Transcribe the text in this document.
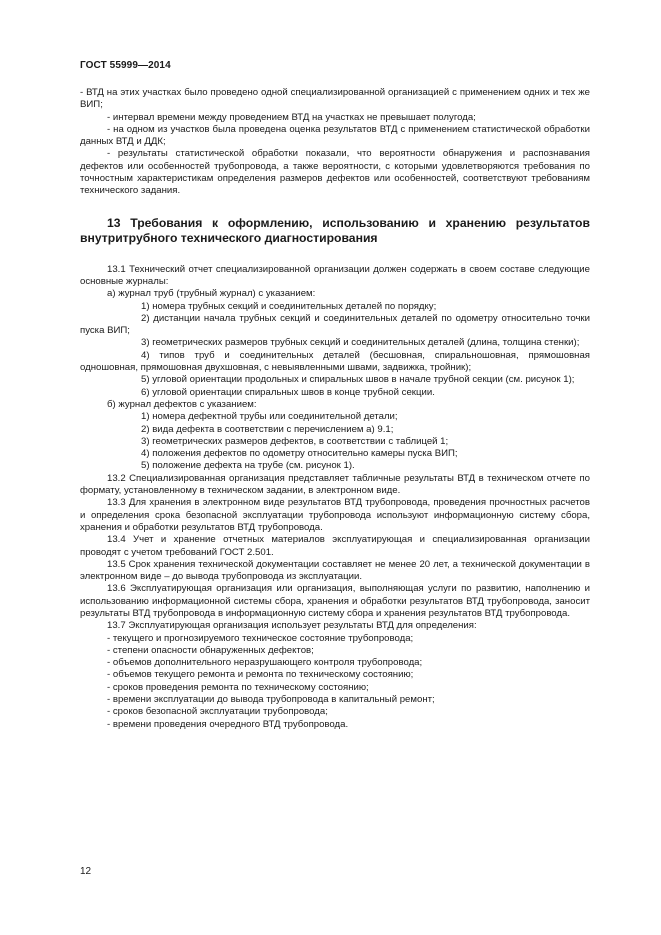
ГОСТ 55999—2014

- ВТД на этих участках было проведено одной специализированной организацией с применением одних и тех же ВИП;

- интервал времени между проведением ВТД на участках не превышает полугода;

- на одном из участков была проведена оценка результатов ВТД с применением статистической обработки данных ВТД и ДДК;

- результаты статистической обработки показали, что вероятности обнаружения и распознавания дефектов или особенностей трубопровода, а также вероятности, с которыми удовлетворяются требования по точностным характеристикам определения размеров дефектов или особенностей, соответствуют требованиям технического задания.

13 Требования к оформлению, использованию и хранению результатов внутритрубного технического диагностирования

13.1 Технический отчет специализированной организации должен содержать в своем составе следующие основные журналы:

а) журнал труб (трубный журнал) с указанием:

1) номера трубных секций и соединительных деталей по порядку;

2) дистанции начала трубных секций и соединительных деталей по одометру относительно точки пуска ВИП;

3) геометрических размеров трубных секций и соединительных деталей (длина, толщина стенки);

4) типов труб и соединительных деталей (бесшовная, спиральношовная, прямошовная одношовная, прямошовная двухшовная, с невыявленными швами, задвижка, тройник);

5) угловой ориентации продольных и спиральных швов в начале трубной секции (см. рисунок 1);

6) угловой ориентации спиральных швов в конце трубной секции.

б) журнал дефектов с указанием:

1) номера дефектной трубы или соединительной детали;

2) вида дефекта в соответствии с перечислением а) 9.1;

3) геометрических размеров дефектов, в соответствии с таблицей 1;

4) положения дефектов по одометру относительно камеры пуска ВИП;

5) положение дефекта на трубе (см. рисунок 1).

13.2 Специализированная организация представляет табличные результаты ВТД в техническом отчете по формату, установленному в техническом задании, в электронном виде.

13.3 Для хранения в электронном виде результатов ВТД трубопровода, проведения прочностных расчетов и определения срока безопасной эксплуатации трубопровода используют информационную систему сбора, хранения и обработки результатов ВТД трубопровода.

13.4 Учет и хранение отчетных материалов эксплуатирующая и специализированная организации проводят с учетом требований ГОСТ 2.501.

13.5 Срок хранения технической документации составляет не менее 20 лет, а технической документации в электронном виде – до вывода трубопровода из эксплуатации.

13.6 Эксплуатирующая организация или организация, выполняющая услуги по развитию, наполнению и использованию информационной системы сбора, хранения и обработки результатов ВТД трубопровода, заносит результаты ВТД трубопровода в информационную систему сбора и хранения результатов ВТД трубопровода.

13.7 Эксплуатирующая организация использует результаты ВТД для определения:

- текущего и прогнозируемого техническое состояние трубопровода;

- степени опасности обнаруженных дефектов;

- объемов дополнительного неразрушающего контроля трубопровода;

- объемов текущего ремонта и ремонта по техническому состоянию;

- сроков проведения ремонта по техническому состоянию;

- времени эксплуатации до вывода трубопровода в капитальный ремонт;

- сроков безопасной эксплуатации трубопровода;

- времени проведения очередного ВТД трубопровода.

12
